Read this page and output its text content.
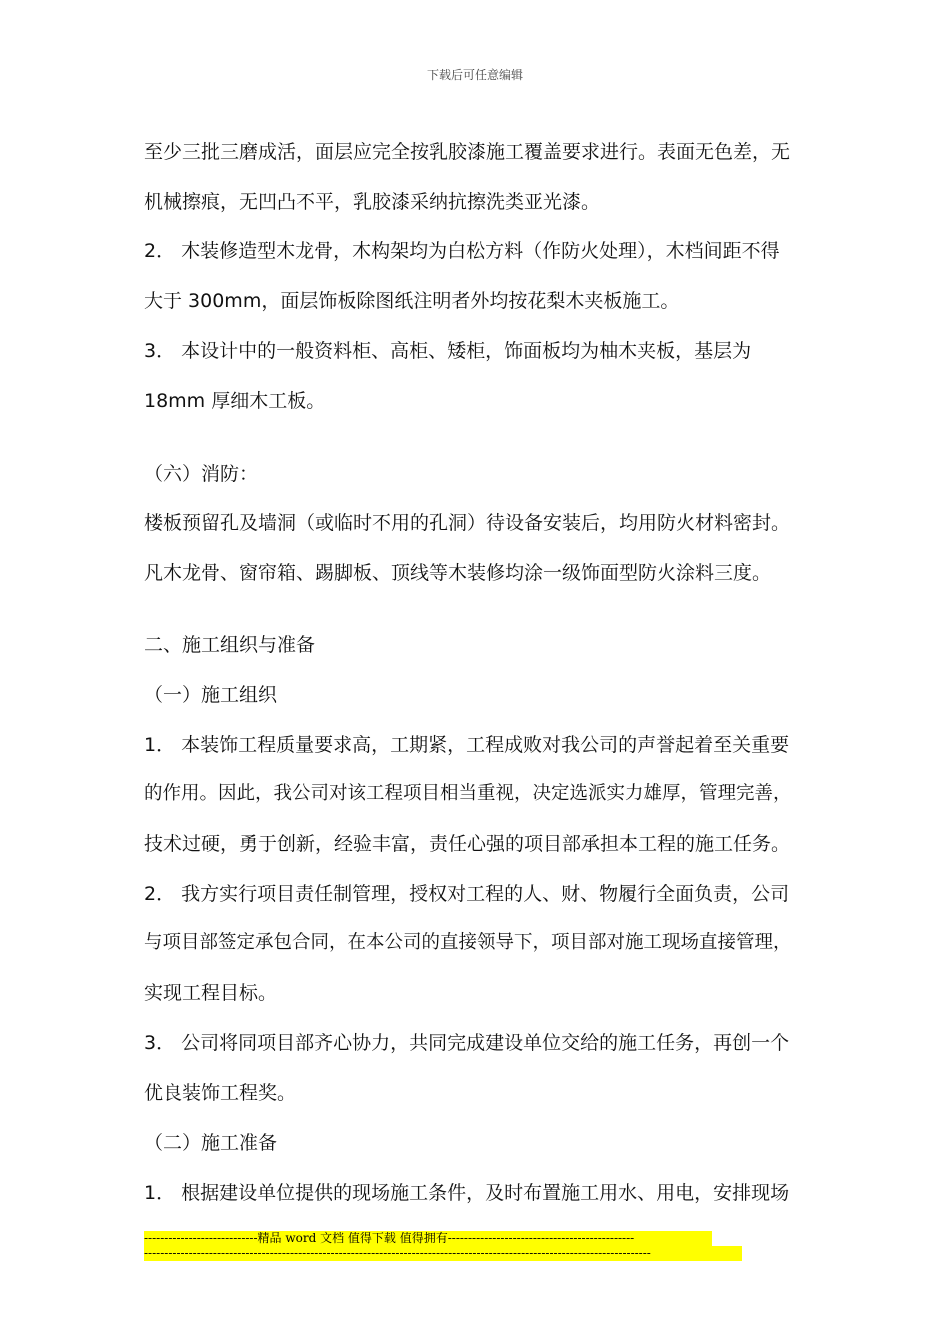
下载后可任意编辑
至少三批三磨成活，面层应完全按乳胶漆施工覆盖要求进行。表面无色差，无
机械擦痕，无凹凸不平，乳胶漆采纳抗擦洗类亚光漆。
2． 木装修造型木龙骨，木构架均为白松方料（作防火处理），木档间距不得
大于 300mm，面层饰板除图纸注明者外均按花梨木夹板施工。
3． 本设计中的一般资料柜、高柜、矮柜，饰面板均为柚木夹板，基层为
18mm 厚细木工板。
（六）消防：
楼板预留孔及墙洞（或临时不用的孔洞）待设备安装后，均用防火材料密封。
凡木龙骨、窗帘箱、踢脚板、顶线等木装修均涂一级饰面型防火涂料三度。
二、施工组织与准备
（一）施工组织
1． 本装饰工程质量要求高，工期紧，工程成败对我公司的声誉起着至关重要
的作用。因此，我公司对该工程项目相当重视，决定选派实力雄厚，管理完善，
技术过硬，勇于创新，经验丰富，责任心强的项目部承担本工程的施工任务。
2． 我方实行项目责任制管理，授权对工程的人、财、物履行全面负责，公司
与项目部签定承包合同，在本公司的直接领导下，项目部对施工现场直接管理，
实现工程目标。
3． 公司将同项目部齐心协力，共同完成建设单位交给的施工任务，再创一个
优良装饰工程奖。
（二）施工准备
1． 根据建设单位提供的现场施工条件，及时布置施工用水、用电，安排现场
----------------------------精品 word 文档 值得下载 值得拥有----------------------------------------------
-----------------------------------------------------------------------------------------------------------------------------
